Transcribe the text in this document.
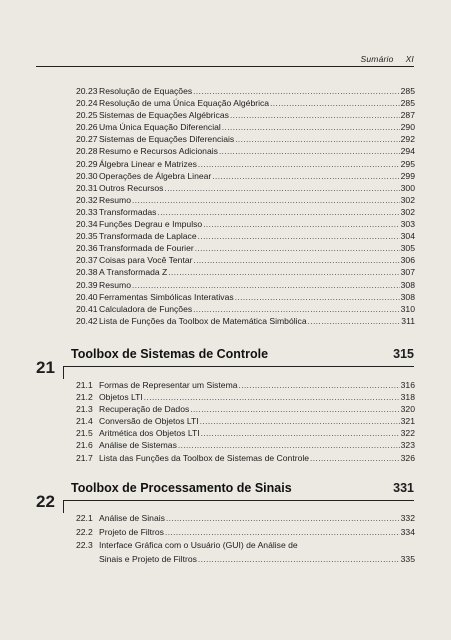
Sumário XI
20.23 Resolução de Equações .....	285
20.24 Resolução de uma Única Equação Algébrica .....	285
20.25 Sistemas de Equações Algébricas .....	287
20.26 Uma Única Equação Diferencial .....	290
20.27 Sistemas de Equações Diferenciais .....	292
20.28 Resumo e Recursos Adicionais .....	294
20.29 Álgebra Linear e Matrizes .....	295
20.30 Operações de Álgebra Linear .....	299
20.31 Outros Recursos .....	300
20.32 Resumo .....	302
20.33 Transformadas .....	302
20.34 Funções Degrau e Impulso .....	303
20.35 Transformada de Laplace .....	304
20.36 Transformada de Fourier .....	305
20.37 Coisas para Você Tentar .....	306
20.38 A Transformada Z .....	307
20.39 Resumo .....	308
20.40 Ferramentas Simbólicas Interativas .....	308
20.41 Calculadora de Funções .....	310
20.42 Lista de Funções da Toolbox de Matemática Simbólica .....	311
Toolbox de Sistemas de Controle	315
21
21.1 Formas de Representar um Sistema .....	316
21.2 Objetos LTI .....	318
21.3 Recuperação de Dados .....	320
21.4 Conversão de Objetos LTI .....	321
21.5 Aritmética dos Objetos LTI .....	322
21.6 Análise de Sistemas .....	323
21.7 Lista das Funções da Toolbox de Sistemas de Controle .....	326
Toolbox de Processamento de Sinais	331
22
22.1 Análise de Sinais .....	332
22.2 Projeto de Filtros .....	334
22.3 Interface Gráfica com o Usuário (GUI) de Análise de
Sinais e Projeto de Filtros .....	335
